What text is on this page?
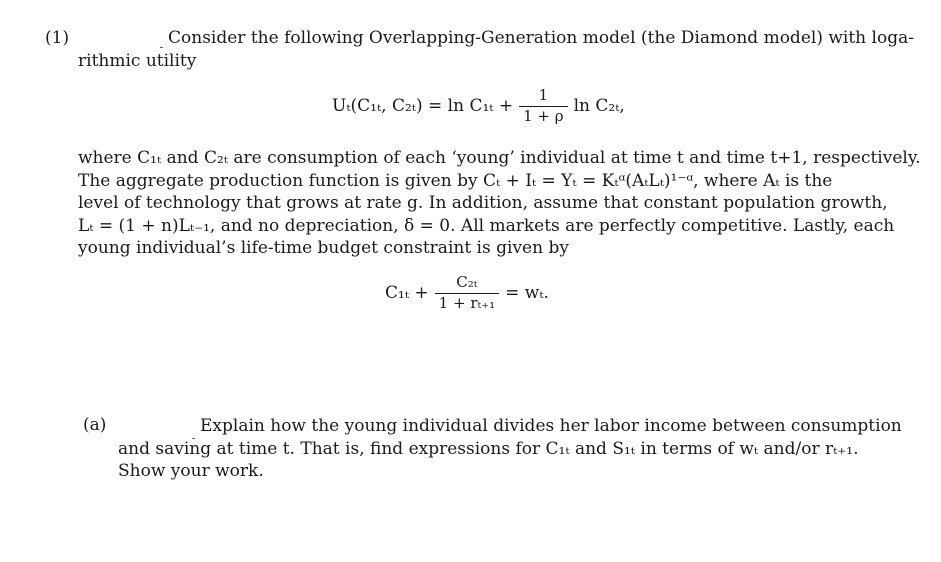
(1)	Consider the following Overlapping-Generation model (the Diamond model) with loga-
rithmic utility
Uₜ(C₁ₜ, $C_{2t}) = \ln C_{1t} + \frac{1}{1 + \rho}$ ln C₂ₜ,
where C₁ₜ and C₂ₜ are consumption of each ‘young’ individual at time t and time t+1, respectively.
The aggregate production function is given by Cₜ + Iₜ = Yₜ = Kₜᵅ(AₜLₜ)¹⁻ᵅ, where Aₜ is the
level of technology that grows at rate g. In addition, assume that constant population growth,
Lₜ = (1 + n)Lₜ₋₁, and no depreciation, δ = 0. All markets are perfectly competitive. Lastly, each
young individual’s life-time budget constraint is given by
$C_{1t} + \frac{\text{C₂ₜ}}{\text{1 + rₜ₊₁}} = w_t$.
(a)	Explain how the young individual divides her labor income between consumption
and saving at time t. That is, find expressions for C₁ₜ and S₁ₜ in terms of wₜ and/or rₜ₊₁.
Show your work.
